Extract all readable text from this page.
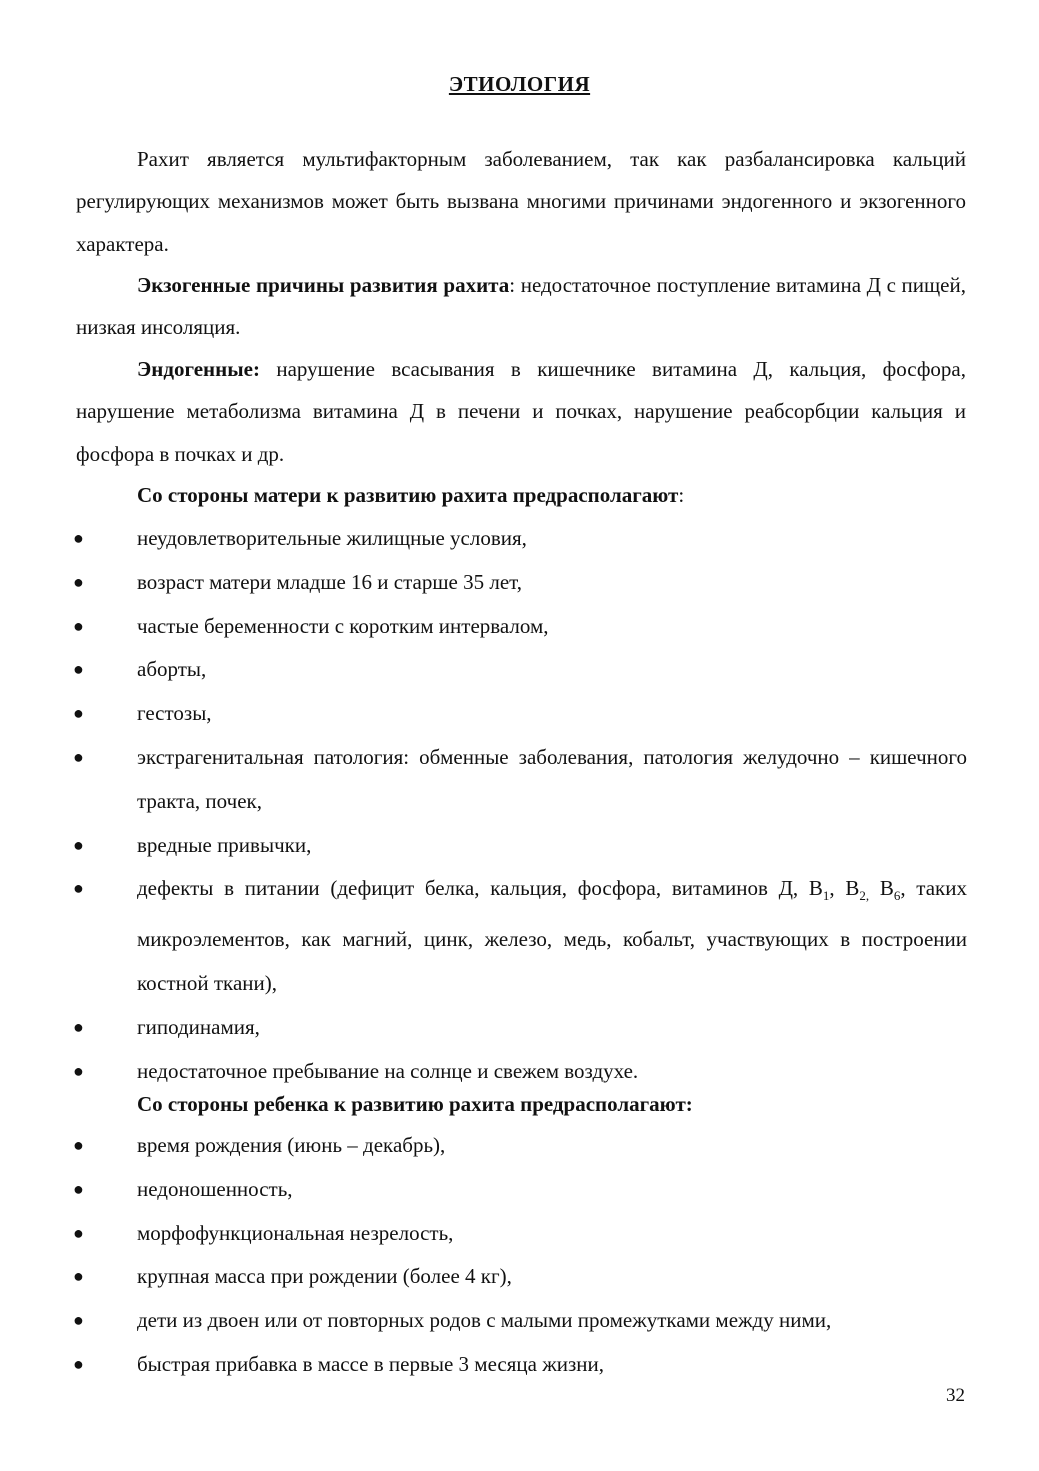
ЭТИОЛОГИЯ

Рахит является мультифакторным заболеванием, так как разбалансировка кальций регулирующих механизмов может быть вызвана многими причинами эндогенного и экзогенного характера.

Экзогенные причины развития рахита: недостаточное поступление витамина Д с пищей, низкая инсоляция.

Эндогенные: нарушение всасывания в кишечнике витамина Д, кальция, фосфора, нарушение метаболизма витамина Д в печени и почках, нарушение реабсорбции кальция и фосфора в почках и др.

Со стороны матери к развитию рахита предрасполагают:

●	неудовлетворительные жилищные условия,
●	возраст матери младше 16 и старше 35 лет,
●	частые беременности с коротким интервалом,
●	аборты,
●	гестозы,
●	экстрагенитальная патология: обменные заболевания, патология желудочно – кишечного тракта, почек,
●	вредные привычки,
●	дефекты в питании (дефицит белка, кальция, фосфора, витаминов Д, $В_1$, $В_{2,}$ $В_6$, таких микроэлементов, как магний, цинк, железо, медь, кобальт, участвующих в построении костной ткани),
●	гиподинамия,
●	недостаточное пребывание на солнце и свежем воздухе.

Со стороны ребенка к развитию рахита предрасполагают:

●	время рождения (июнь – декабрь),
●	недоношенность,
●	морфофункциональная незрелость,
●	крупная масса при рождении (более 4 кг),
●	дети из двоен или от повторных родов с малыми промежутками между ними,
●	быстрая прибавка в массе в первые 3 месяца жизни,
32
